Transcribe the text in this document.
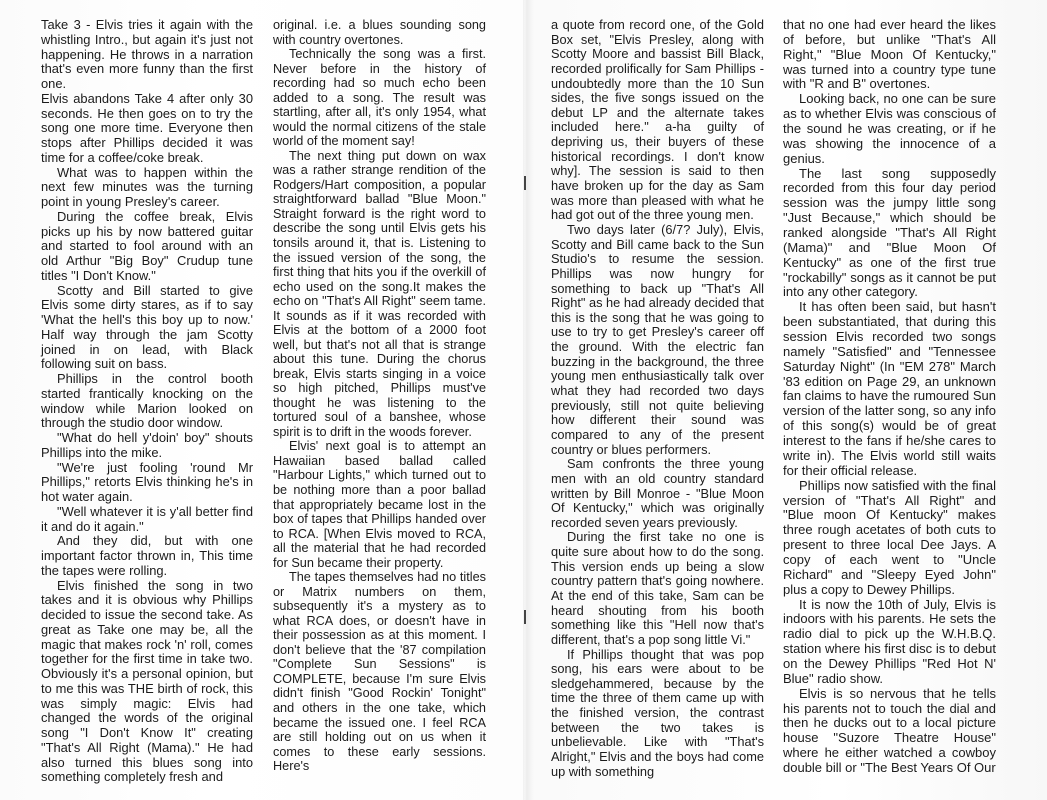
Take 3 - Elvis tries it again with the whistling Intro., but again it's just not happening. He throws in a narration that's even more funny than the first one.

Elvis abandons Take 4 after only 30 seconds. He then goes on to try the song one more time. Everyone then stops after Phillips decided it was time for a coffee/coke break.

What was to happen within the next few minutes was the turning point in young Presley's career.

During the coffee break, Elvis picks up his by now battered guitar and started to fool around with an old Arthur "Big Boy" Crudup tune titles "I Don't Know."

Scotty and Bill started to give Elvis some dirty stares, as if to say 'What the hell's this boy up to now.' Half way through the jam Scotty joined in on lead, with Black following suit on bass.

Phillips in the control booth started frantically knocking on the window while Marion looked on through the studio door window.

"What do hell y'doin' boy" shouts Phillips into the mike.

"We're just fooling 'round Mr Phillips," retorts Elvis thinking he's in hot water again.

"Well whatever it is y'all better find it and do it again."

And they did, but with one important factor thrown in, This time the tapes were rolling.

Elvis finished the song in two takes and it is obvious why Phillips decided to issue the second take. As great as Take one may be, all the magic that makes rock 'n' roll, comes together for the first time in take two. Obviously it's a personal opinion, but to me this was THE birth of rock, this was simply magic: Elvis had changed the words of the original song "I Don't Know It" creating "That's All Right (Mama)." He had also turned this blues song into something completely fresh and

original. i.e. a blues sounding song with country overtones.

Technically the song was a first. Never before in the history of recording had so much echo been added to a song. The result was startling, after all, it's only 1954, what would the normal citizens of the stale world of the moment say!

The next thing put down on wax was a rather strange rendition of the Rodgers/Hart composition, a popular straightforward ballad "Blue Moon." Straight forward is the right word to describe the song until Elvis gets his tonsils around it, that is. Listening to the issued version of the song, the first thing that hits you if the overkill of echo used on the song.It makes the echo on "That's All Right" seem tame. It sounds as if it was recorded with Elvis at the bottom of a 2000 foot well, but that's not all that is strange about this tune. During the chorus break, Elvis starts singing in a voice so high pitched, Phillips must've thought he was listening to the tortured soul of a banshee, whose spirit is to drift in the woods forever.

Elvis' next goal is to attempt an Hawaiian based ballad called "Harbour Lights," which turned out to be nothing more than a poor ballad that appropriately became lost in the box of tapes that Phillips handed over to RCA. [When Elvis moved to RCA, all the material that he had recorded for Sun became their property.

The tapes themselves had no titles or Matrix numbers on them, subsequently it's a mystery as to what RCA does, or doesn't have in their possession as at this moment. I don't believe that the '87 compilation "Complete Sun Sessions" is COMPLETE, because I'm sure Elvis didn't finish "Good Rockin' Tonight" and others in the one take, which became the issued one. I feel RCA are still holding out on us when it comes to these early sessions. Here's

a quote from record one, of the Gold Box set, "Elvis Presley, along with Scotty Moore and bassist Bill Black, recorded prolifically for Sam Phillips - undoubtedly more than the 10 Sun sides, the five songs issued on the debut LP and the alternate takes included here." a-ha guilty of depriving us, their buyers of these historical recordings. I don't know why]. The session is said to then have broken up for the day as Sam was more than pleased with what he had got out of the three young men.

Two days later (6/7? July), Elvis, Scotty and Bill came back to the Sun Studio's to resume the session. Phillips was now hungry for something to back up "That's All Right" as he had already decided that this is the song that he was going to use to try to get Presley's career off the ground. With the electric fan buzzing in the background, the three young men enthusiastically talk over what they had recorded two days previously, still not quite believing how different their sound was compared to any of the present country or blues performers.

Sam confronts the three young men with an old country standard written by Bill Monroe - "Blue Moon Of Kentucky," which was originally recorded seven years previously.

During the first take no one is quite sure about how to do the song. This version ends up being a slow country pattern that's going nowhere. At the end of this take, Sam can be heard shouting from his booth something like this "Hell now that's different, that's a pop song little Vi."

If Phillips thought that was pop song, his ears were about to be sledgehammered, because by the time the three of them came up with the finished version, the contrast between the two takes is unbelievable. Like with "That's Alright," Elvis and the boys had come up with something

that no one had ever heard the likes of before, but unlike "That's All Right," "Blue Moon Of Kentucky," was turned into a country type tune with "R and B" overtones.

Looking back, no one can be sure as to whether Elvis was conscious of the sound he was creating, or if he was showing the innocence of a genius.

The last song supposedly recorded from this four day period session was the jumpy little song "Just Because," which should be ranked alongside "That's All Right (Mama)" and "Blue Moon Of Kentucky" as one of the first true "rockabilly" songs as it cannot be put into any other category.

It has often been said, but hasn't been substantiated, that during this session Elvis recorded two songs namely "Satisfied" and "Tennessee Saturday Night" (In "EM 278" March '83 edition on Page 29, an unknown fan claims to have the rumoured Sun version of the latter song, so any info of this song(s) would be of great interest to the fans if he/she cares to write in). The Elvis world still waits for their official release.

Phillips now satisfied with the final version of "That's All Right" and "Blue moon Of Kentucky" makes three rough acetates of both cuts to present to three local Dee Jays. A copy of each went to "Uncle Richard" and "Sleepy Eyed John" plus a copy to Dewey Phillips.

It is now the 10th of July, Elvis is indoors with his parents. He sets the radio dial to pick up the W.H.B.Q. station where his first disc is to debut on the Dewey Phillips "Red Hot N' Blue" radio show.

Elvis is so nervous that he tells his parents not to touch the dial and then he ducks out to a local picture house "Suzore Theatre House" where he either watched a cowboy double bill or "The Best Years Of Our
